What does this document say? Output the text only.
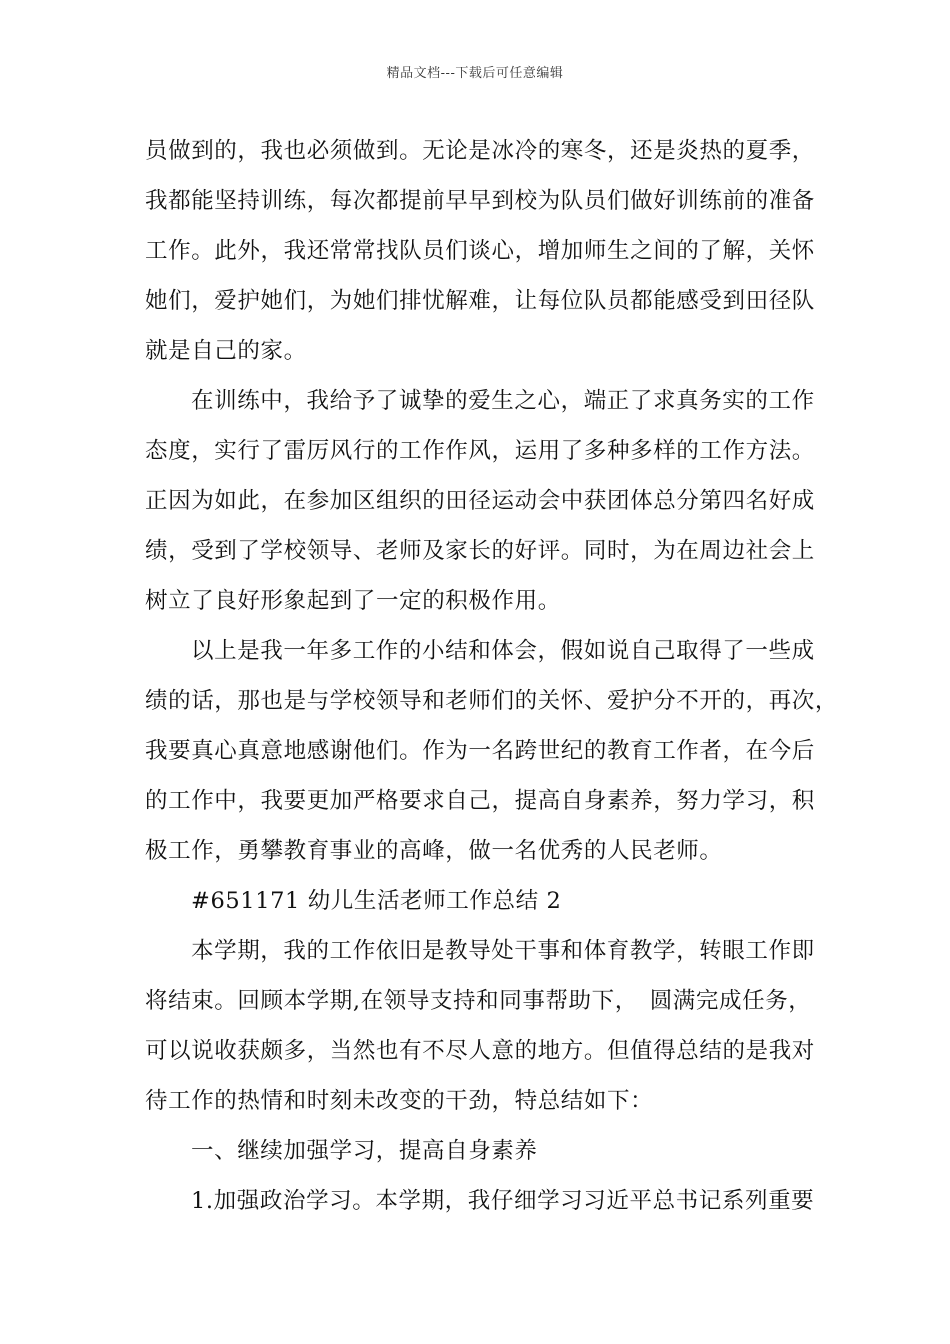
精品文档---下载后可任意编辑
员做到的，我也必须做到。无论是冰冷的寒冬，还是炎热的夏季，
我都能坚持训练，每次都提前早早到校为队员们做好训练前的准备
工作。此外，我还常常找队员们谈心，增加师生之间的了解，关怀
她们，爱护她们，为她们排忧解难，让每位队员都能感受到田径队
就是自己的家。
在训练中，我给予了诚挚的爱生之心，端正了求真务实的工作
态度，实行了雷厉风行的工作作风，运用了多种多样的工作方法。
正因为如此，在参加区组织的田径运动会中获团体总分第四名好成
绩，受到了学校领导、老师及家长的好评。同时，为在周边社会上
树立了良好形象起到了一定的积极作用。
以上是我一年多工作的小结和体会，假如说自己取得了一些成
绩的话，那也是与学校领导和老师们的关怀、爱护分不开的，再次，
我要真心真意地感谢他们。作为一名跨世纪的教育工作者，在今后
的工作中，我要更加严格要求自己，提高自身素养，努力学习，积
极工作，勇攀教育事业的高峰，做一名优秀的人民老师。
#651171 幼儿生活老师工作总结 2
本学期，我的工作依旧是教导处干事和体育教学，转眼工作即
将结束。回顾本学期,在领导支持和同事帮助下，　圆满完成任务，
可以说收获颇多，当然也有不尽人意的地方。但值得总结的是我对
待工作的热情和时刻未改变的干劲，特总结如下：
一、继续加强学习，提高自身素养
1.加强政治学习。本学期，我仔细学习习近平总书记系列重要
